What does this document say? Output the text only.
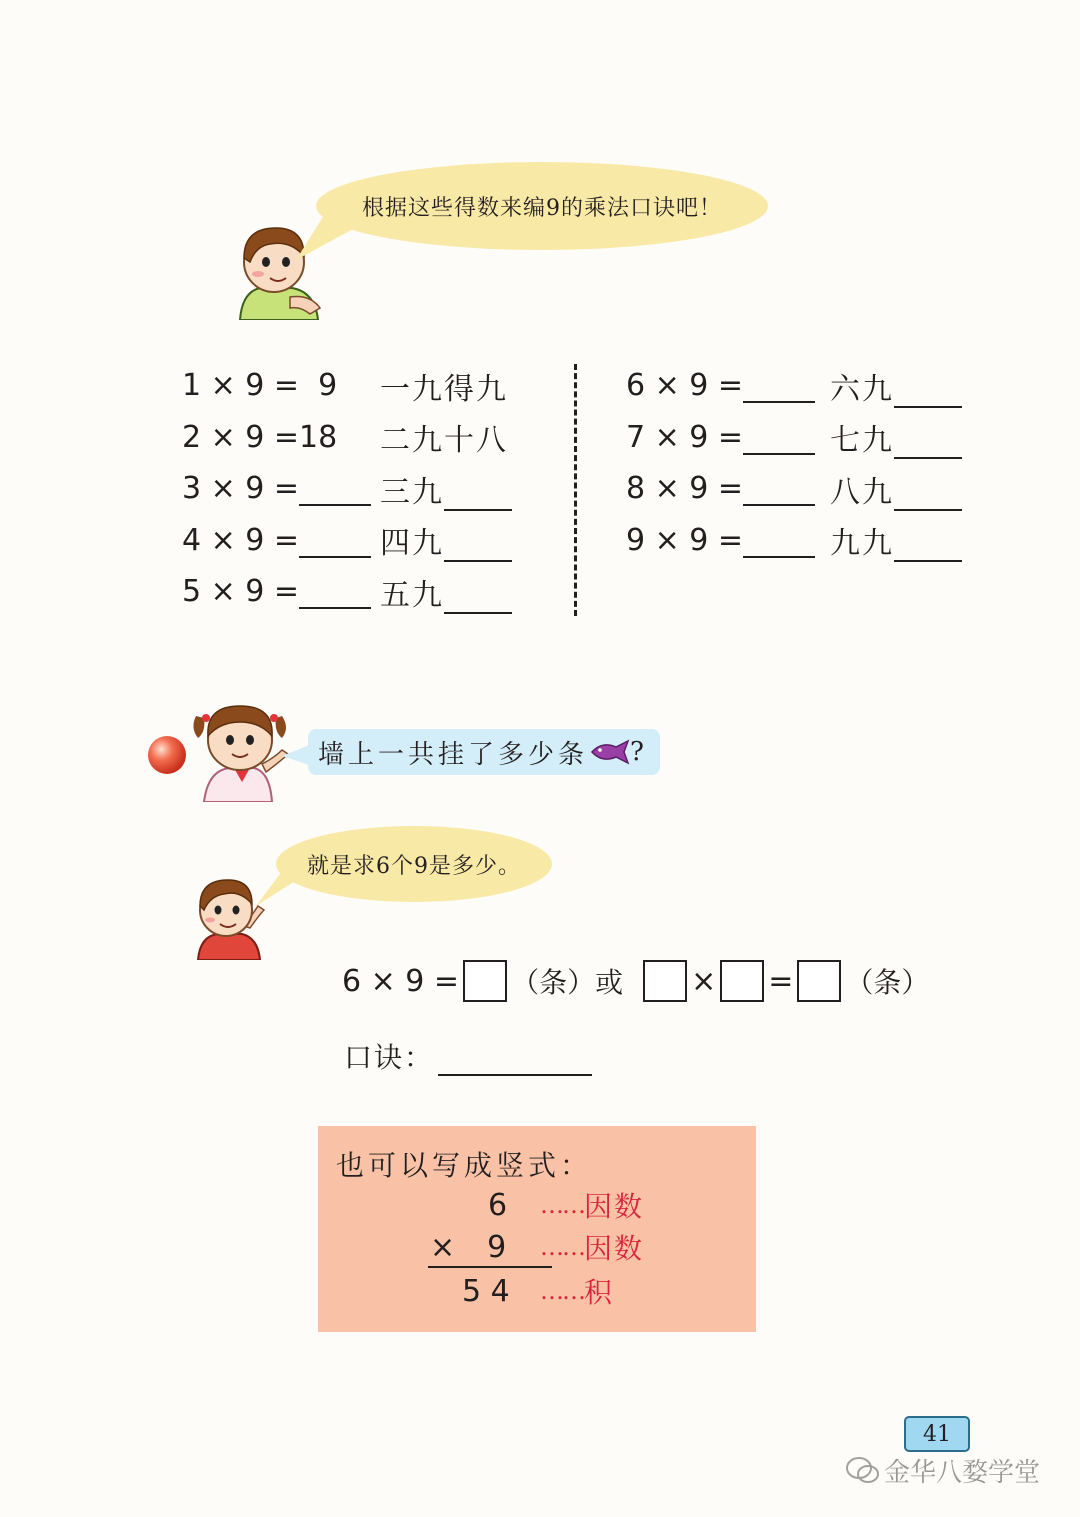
根据这些得数来编9的乘法口诀吧！
1 × 9 =  9	一九得九
2 × 9 =18	二九十八
3 × 9 =	三九
4 × 9 =	四九
5 × 9 =	五九
6 × 9 =	六九
7 × 9 =	七九
8 × 9 =	八九
9 × 9 =	九九
墙上一共挂了多少条 ?
就是求6个9是多少。
6 × 9 = （条） 或 × = （条）
口诀：
也可以写成竖式：
6 …… 因数
× 9 …… 因数
5 4 …… 积
41
金华八婺学堂
